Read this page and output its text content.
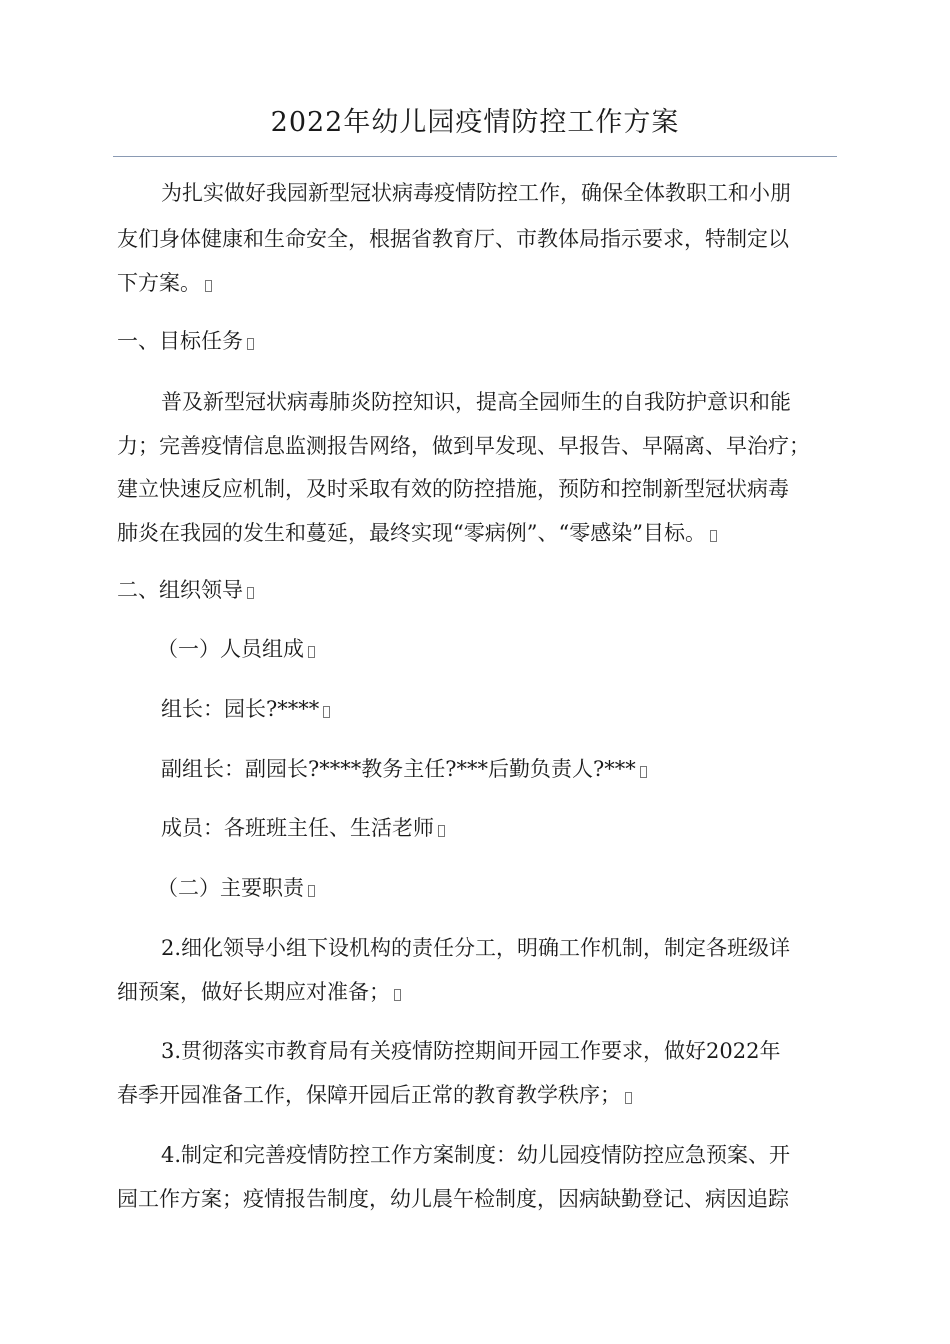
2022年幼儿园疫情防控工作方案
为扎实做好我园新型冠状病毒疫情防控工作，确保全体教职工和小朋
友们身体健康和生命安全，根据省教育厅、市教体局指示要求，特制定以
下方案。
一、目标任务
普及新型冠状病毒肺炎防控知识，提高全园师生的自我防护意识和能
力；完善疫情信息监测报告网络，做到早发现、早报告、早隔离、早治疗；
建立快速反应机制，及时采取有效的防控措施，预防和控制新型冠状病毒
肺炎在我园的发生和蔓延，最终实现“零病例”、“零感染”目标。
二、组织领导
（一）人员组成
组长：园长?****
副组长：副园长?****教务主任?***后勤负责人?***
成员：各班班主任、生活老师
（二）主要职责
2.细化领导小组下设机构的责任分工，明确工作机制，制定各班级详
细预案，做好长期应对准备；
3.贯彻落实市教育局有关疫情防控期间开园工作要求，做好2022年
春季开园准备工作，保障开园后正常的教育教学秩序；
4.制定和完善疫情防控工作方案制度：幼儿园疫情防控应急预案、开
园工作方案；疫情报告制度，幼儿晨午检制度，因病缺勤登记、病因追踪
